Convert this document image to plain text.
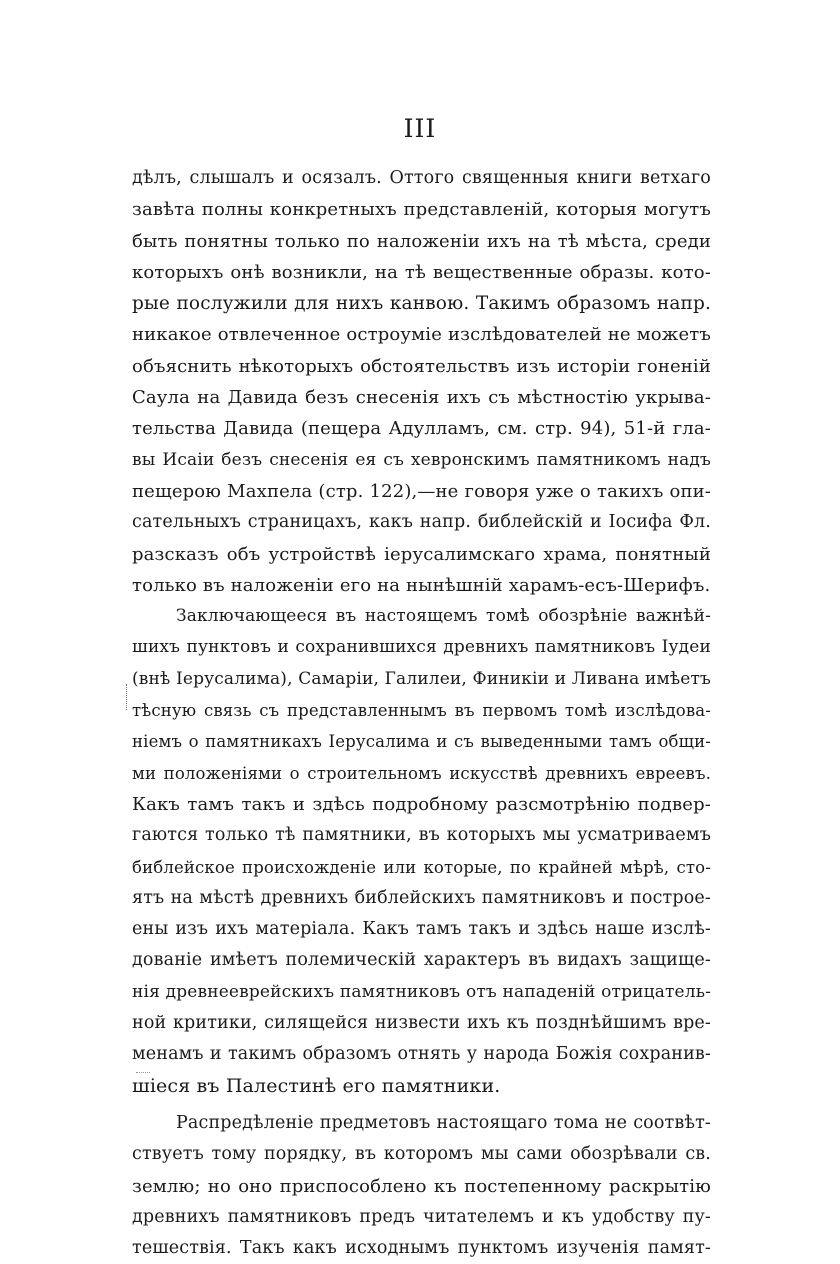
III
дѣлъ, слышалъ и осязалъ. Оттого священныя книги ветхаго
завѣта полны конкретныхъ представленій, которыя могутъ
быть понятны только по наложеніи ихъ на тѣ мѣста, среди
которыхъ онѣ возникли, на тѣ вещественные образы. кото-
рые послужили для нихъ канвою. Такимъ образомъ напр.
никакое отвлеченное остроуміе изслѣдователей не можетъ
объяснить нѣкоторыхъ обстоятельствъ изъ исторіи гоненій
Саула на Давида безъ снесенія ихъ съ мѣстностію укрыва-
тельства Давида (пещера Адулламъ, см. стр. 94), 51-й гла-
вы Исаіи безъ снесенія ея съ хевронскимъ памятникомъ надъ
пещерою Махпела (стр. 122),—не говоря уже о такихъ опи-
сательныхъ страницахъ, какъ напр. библейскій и Іосифа Фл.
разсказъ объ устройствѣ іерусалимскаго храма, понятный
только въ наложеніи его на нынѣшній харамъ-есъ-Шерифъ.
Заключающееся въ настоящемъ томѣ обозрѣніе важнѣй-
шихъ пунктовъ и сохранившихся древнихъ памятниковъ Іудеи
(внѣ Іерусалима), Самаріи, Галилеи, Финикіи и Ливана имѣетъ
тѣсную связь съ представленнымъ въ первомъ томѣ изслѣдова-
ніемъ о памятникахъ Іерусалима и съ выведенными тамъ общи-
ми положеніями о строительномъ искусствѣ древнихъ евреевъ.
Какъ тамъ такъ и здѣсь подробному разсмотрѣнію подвер-
гаются только тѣ памятники, въ которыхъ мы усматриваемъ
библейское происхожденіе или которые, по крайней мѣрѣ, сто-
ятъ на мѣстѣ древнихъ библейскихъ памятниковъ и построе-
ены изъ ихъ матеріала. Какъ тамъ такъ и здѣсь наше изслѣ-
дованіе имѣетъ полемическій характеръ въ видахъ защище-
нія древнееврейскихъ памятниковъ отъ нападеній отрицатель-
ной критики, силящейся низвести ихъ къ позднѣйшимъ вре-
менамъ и такимъ образомъ отнять у народа Божія сохранив-
шіеся въ Палестинѣ его памятники.
Распредѣленіе предметовъ настоящаго тома не соотвѣт-
ствуетъ тому порядку, въ которомъ мы сами обозрѣвали св.
землю; но оно приспособлено къ постепенному раскрытію
древнихъ памятниковъ предъ читателемъ и къ удобству пу-
тешествія. Такъ какъ исходнымъ пунктомъ изученія памят-
